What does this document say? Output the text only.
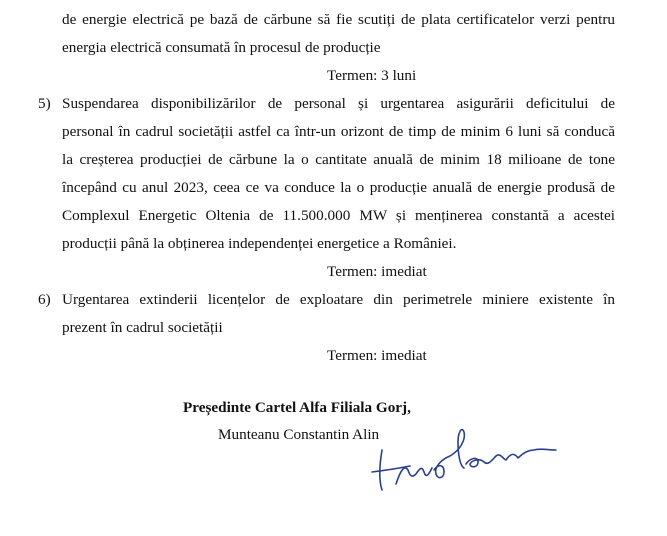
de energie electrică pe bază de cărbune să fie scutiți de plata certificatelor verzi pentru
energia electrică consumată în procesul de producție
Termen: 3 luni
5) Suspendarea disponibilizărilor de personal și urgentarea asigurării deficitului de
personal în cadrul societății astfel ca într-un orizont de timp de minim 6 luni să conducă
la creșterea producției de cărbune la o cantitate anuală de minim 18 milioane de tone
începând cu anul 2023, ceea ce va conduce la o producție anuală de energie produsă de
Complexul Energetic Oltenia de 11.500.000 MW și menținerea constantă a acestei
producții până la obținerea independenței energetice a României.
Termen: imediat
6) Urgentarea extinderii licențelor de exploatare din perimetrele miniere existente în
prezent în cadrul societății
Termen: imediat
Președinte Cartel Alfa Filiala Gorj,
Munteanu Constantin Alin
